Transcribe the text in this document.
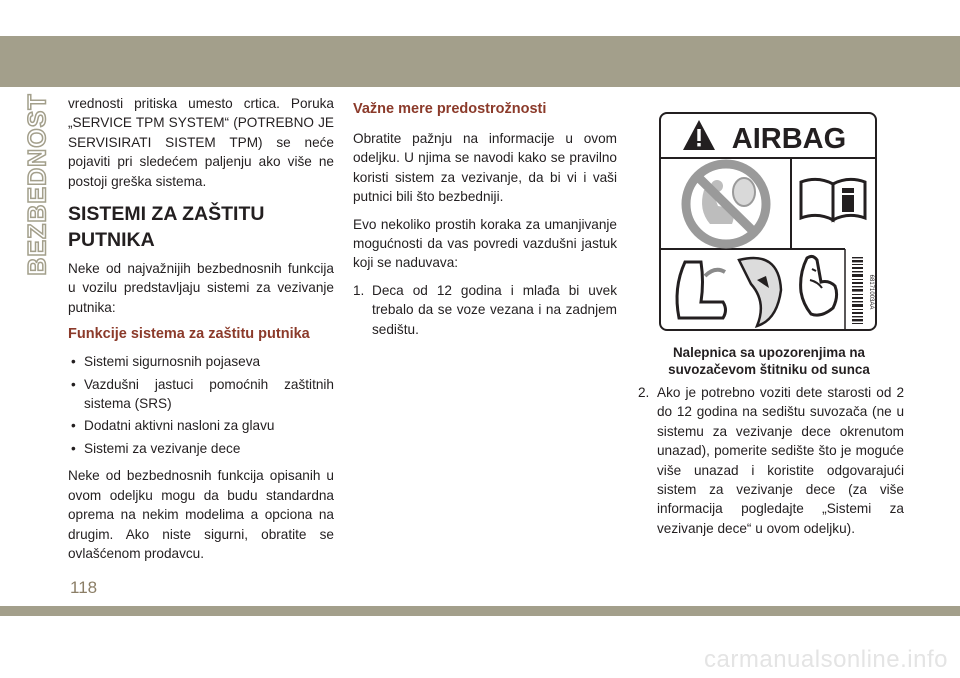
BEZBEDNOST vrednosti pritiska umesto crtica. Poruka „SERVICE TPM SYSTEM“ (POTREBNO JE SERVISIRATI SISTEM TPM) se neće pojaviti pri sledećem paljenju ako više ne postoji greška sistema.

SISTEMI ZA ZAŠTITU PUTNIKA

Neke od najvažnijih bezbednosnih funkcija u vozilu predstavljaju sistemi za vezivanje putnika:

Funkcije sistema za zaštitu putnika
• Sistemi sigurnosnih pojaseva
• Vazdušni jastuci pomoćnih zaštitnih sistema (SRS)
• Dodatni aktivni nasloni za glavu
• Sistemi za vezivanje dece

Neke od bezbednosnih funkcija opisanih u ovom odeljku mogu da budu standardna oprema na nekim modelima a opciona na drugim. Ako niste sigurni, obratite se ovlašćenom prodavcu.

Važne mere predostrožnosti

Obratite pažnju na informacije u ovom odeljku. U njima se navodi kako se pravilno koristi sistem za vezivanje, da bi vi i vaši putnici bili što bezbedniji.

Evo nekoliko prostih koraka za umanjivanje mogućnosti da vas povredi vazdušni jastuk koji se naduvava:

1. Deca od 12 godina i mlađa bi uvek trebalo da se voze vezana i na zadnjem sedištu.
AIRBAG
68171003AA
Nalepnica sa upozorenjima na
suvozačevom štitniku od sunca
2. Ako je potrebno voziti dete starosti od 2 do 12 godina na sedištu suvozača (ne u sistemu za vezivanje dece okrenutom unazad), pomerite sedište što je moguće više unazad i koristite odgovarajući sistem za vezivanje dece (za više informacija pogledajte „Sistemi za vezivanje dece“ u ovom odeljku).
118
carmanualsonline.info
